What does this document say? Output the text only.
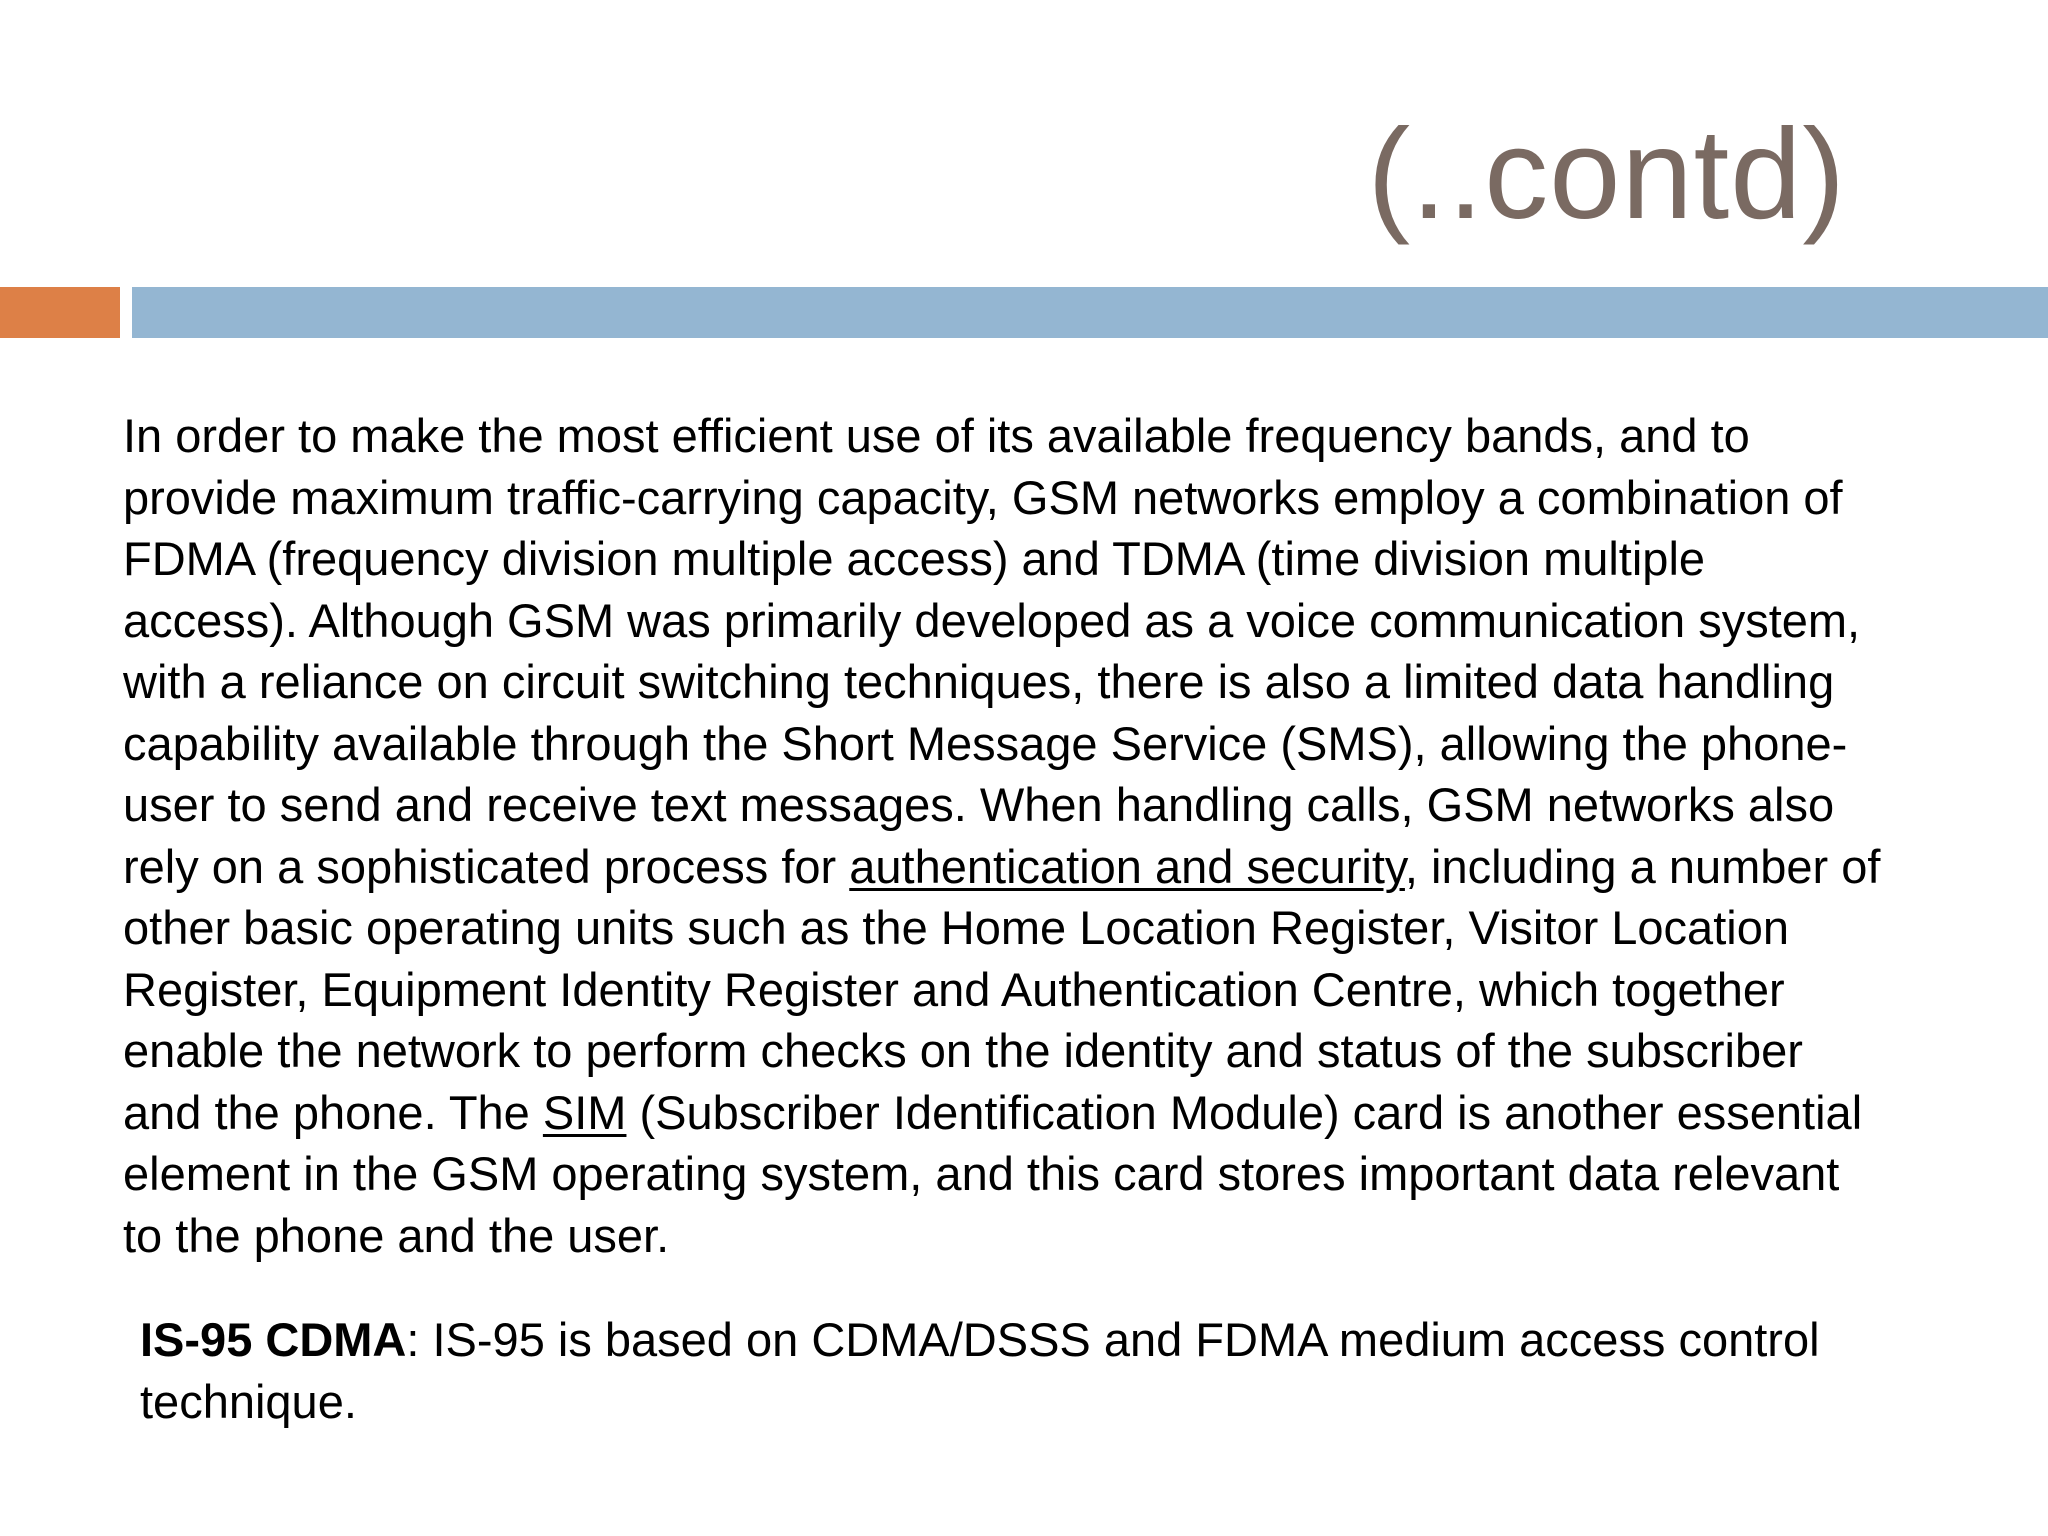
(..contd)

In order to make the most efficient use of its available frequency bands, and to provide maximum traffic-carrying capacity, GSM networks employ a combination of FDMA (frequency division multiple access) and TDMA (time division multiple access). Although GSM was primarily developed as a voice communication system, with a reliance on circuit switching techniques, there is also a limited data handling capability available through the Short Message Service (SMS), allowing the phone-user to send and receive text messages. When handling calls, GSM networks also rely on a sophisticated process for authentication and security, including a number of other basic operating units such as the Home Location Register, Visitor Location Register, Equipment Identity Register and Authentication Centre, which together enable the network to perform checks on the identity and status of the subscriber and the phone. The SIM (Subscriber Identification Module) card is another essential element in the GSM operating system, and this card stores important data relevant to the phone and the user.

IS-95 CDMA: IS-95 is based on CDMA/DSSS and FDMA medium access control technique.
